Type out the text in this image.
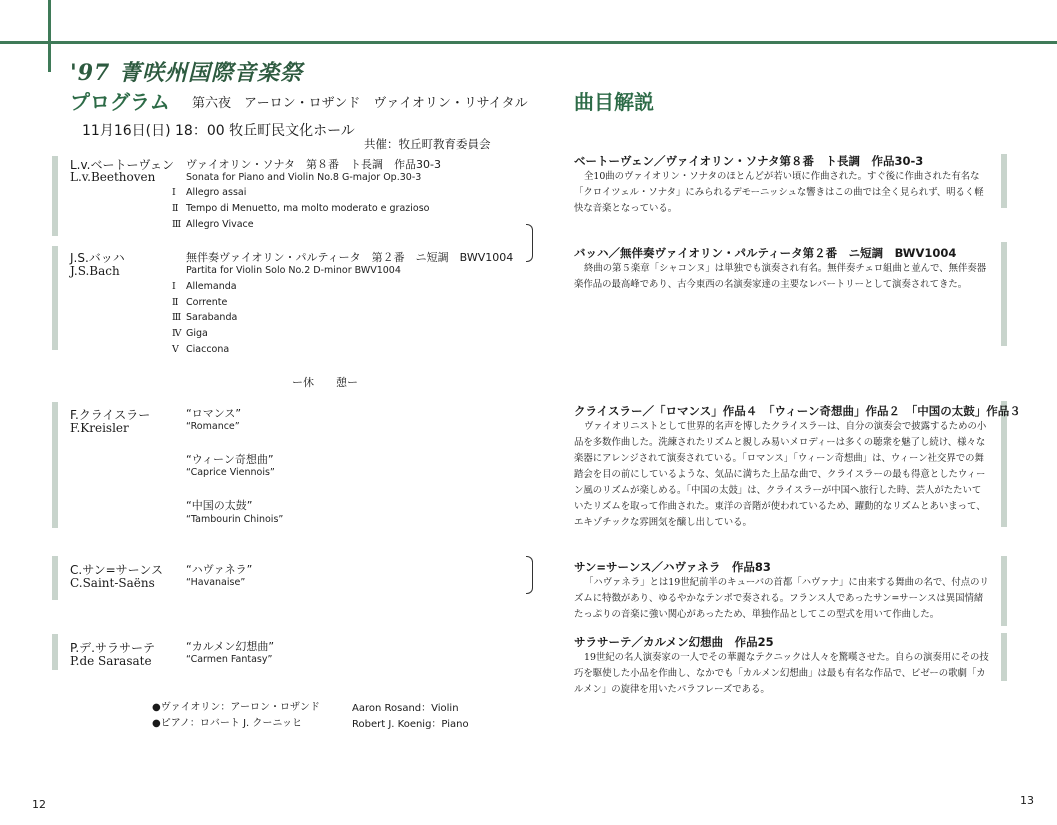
'97 菁咲州国際音楽祭
プログラム 第六夜　アーロン・ロザンド　ヴァイオリン・リサイタル
11月16日(日) 18：00 牧丘町民文化ホール
共催：牧丘町教育委員会
曲目解説
L.v.ベートーヴェン
L.v.Beethoven
ヴァイオリン・ソナタ　第８番　ト長調　作品30-3
Sonata for Piano and Violin No.8 G-major Op.30-3
Ⅰ Allegro assai
Ⅱ Tempo di Menuetto, ma molto moderato e grazioso
Ⅲ Allegro Vivace
J.S.バッハ
J.S.Bach
無伴奏ヴァイオリン・パルティータ　第２番　ニ短調　BWV1004
Partita for Violin Solo No.2 D-minor BWV1004
Ⅰ Allemanda
Ⅱ Corrente
Ⅲ Sarabanda
Ⅳ Giga
Ⅴ Ciaccona
ー休　　憩ー
F.クライスラー
F.Kreisler
“ロマンス”
“Romance”
“ウィーン奇想曲”
“Caprice Viennois”
“中国の太鼓”
“Tambourin Chinois”
C.サン=サーンス
C.Saint-Saëns
“ハヴァネラ”
“Havanaise”
P.デ.サラサーテ
P.de Sarasate
“カルメン幻想曲”
“Carmen Fantasy”
●ヴァイオリン：アーロン・ロザンド	Aaron Rosand：Violin
●ピアノ：ロバート J. クーニッヒ	Robert J. Koenig：Piano
ベートーヴェン／ヴァイオリン・ソナタ第８番　ト長調　作品30-3
全10曲のヴァイオリン・ソナタのほとんどが若い頃に作曲された。すぐ後に作曲された有名な
「クロイツェル・ソナタ」にみられるデモーニッシュな響きはこの曲では全く見られず、明るく軽
快な音楽となっている。
バッハ／無伴奏ヴァイオリン・パルティータ第２番　ニ短調　BWV1004
終曲の第５楽章「シャコンヌ」は単独でも演奏され有名。無伴奏チェロ組曲と並んで、無伴奏器
楽作品の最高峰であり、古今東西の名演奏家達の主要なレパートリーとして演奏されてきた。
クライスラー／「ロマンス」作品４　「ウィーン奇想曲」作品２　「中国の太鼓」作品３
ヴァイオリニストとして世界的名声を博したクライスラーは、自分の演奏会で披露するための小
品を多数作曲した。洗練されたリズムと親しみ易いメロディーは多くの聴衆を魅了し続け、様々な
楽器にアレンジされて演奏されている。「ロマンス」「ウィーン奇想曲」は、ウィーン社交界での舞
踏会を目の前にしているような、気品に満ちた上品な曲で、クライスラーの最も得意としたウィー
ン風のリズムが楽しめる。「中国の太鼓」は、クライスラーが中国へ旅行した時、芸人がたたいて
いたリズムを取って作曲された。東洋の音階が使われているため、躍動的なリズムとあいまって、
エキゾチックな雰囲気を醸し出している。
サン=サーンス／ハヴァネラ　作品83
「ハヴァネラ」とは19世紀前半のキューバの首都「ハヴァナ」に由来する舞曲の名で、付点のリ
ズムに特徴があり、ゆるやかなテンポで奏される。フランス人であったサン=サーンスは異国情緒
たっぷりの音楽に強い関心があったため、単独作品としてこの型式を用いて作曲した。
サラサーテ／カルメン幻想曲　作品25
19世紀の名人演奏家の一人でその華麗なテクニックは人々を驚嘆させた。自らの演奏用にその技
巧を駆使した小品を作曲し、なかでも「カルメン幻想曲」は最も有名な作品で、ビゼーの歌劇「カ
ルメン」の旋律を用いたパラフレーズである。
12	13
